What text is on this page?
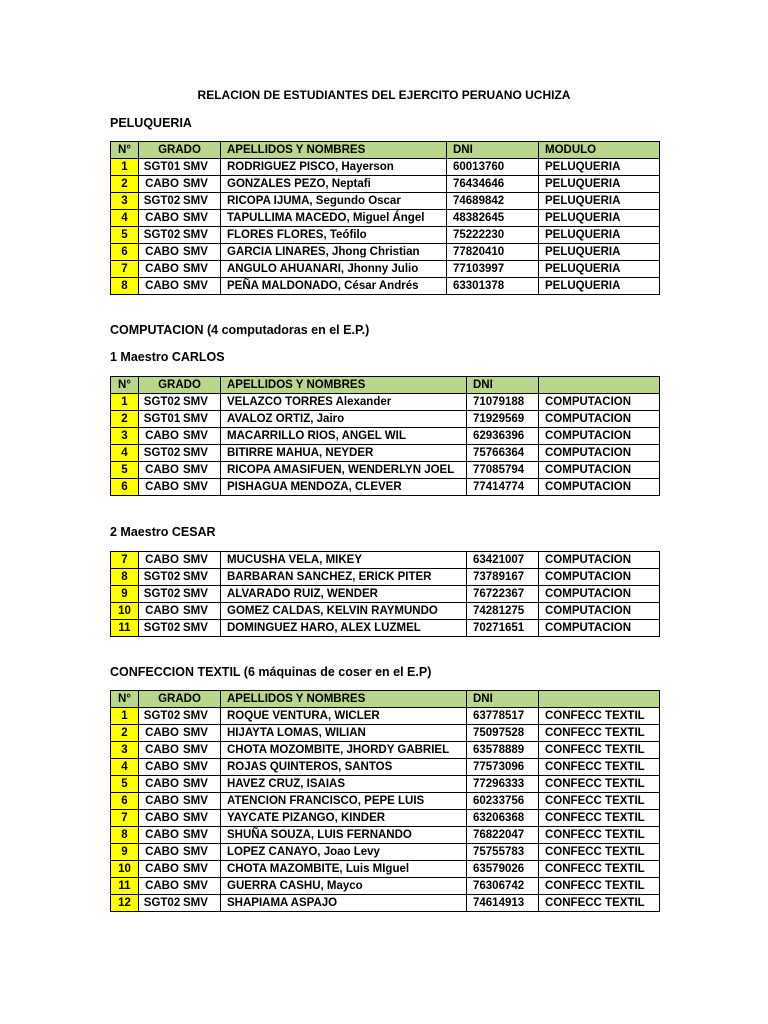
RELACION DE ESTUDIANTES DEL EJERCITO PERUANO UCHIZA
PELUQUERIA
N°	GRADO	APELLIDOS Y NOMBRES	DNI	MODULO
1	SGT01 SMV	RODRIGUEZ PISCO, Hayerson	60013760	PELUQUERIA
2	CABO SMV	GONZALES PEZO, Neptafi	76434646	PELUQUERIA
3	SGT02 SMV	RICOPA IJUMA, Segundo Oscar	74689842	PELUQUERIA
4	CABO SMV	TAPULLIMA MACEDO, Miguel Ángel	48382645	PELUQUERIA
5	SGT02 SMV	FLORES FLORES, Teófilo	75222230	PELUQUERIA
6	CABO SMV	GARCIA LINARES, Jhong Christian	77820410	PELUQUERIA
7	CABO SMV	ANGULO AHUANARI, Jhonny Julio	77103997	PELUQUERIA
8	CABO SMV	PEÑA MALDONADO, César Andrés	63301378	PELUQUERIA
COMPUTACION (4 computadoras en el E.P.)
1 Maestro CARLOS
N°	GRADO	APELLIDOS Y NOMBRES	DNI	
1	SGT02 SMV	VELAZCO TORRES Alexander	71079188	COMPUTACION
2	SGT01 SMV	AVALOZ ORTIZ, Jairo	71929569	COMPUTACION
3	CABO SMV	MACARRILLO RIOS, ANGEL WIL	62936396	COMPUTACION
4	SGT02 SMV	BITIRRE MAHUA, NEYDER	75766364	COMPUTACION
5	CABO SMV	RICOPA AMASIFUEN, WENDERLYN JOEL	77085794	COMPUTACION
6	CABO SMV	PISHAGUA MENDOZA, CLEVER	77414774	COMPUTACION
2 Maestro CESAR
7	CABO SMV	MUCUSHA VELA, MIKEY	63421007	COMPUTACION
8	SGT02 SMV	BARBARAN SANCHEZ, ERICK PITER	73789167	COMPUTACION
9	SGT02 SMV	ALVARADO RUIZ, WENDER	76722367	COMPUTACION
10	CABO SMV	GOMEZ CALDAS, KELVIN RAYMUNDO	74281275	COMPUTACION
11	SGT02 SMV	DOMINGUEZ HARO, ALEX LUZMEL	70271651	COMPUTACION
CONFECCION TEXTIL (6 máquinas de coser en el E.P)
N°	GRADO	APELLIDOS Y NOMBRES	DNI	
1	SGT02 SMV	ROQUE VENTURA, WICLER	63778517	CONFECC TEXTIL
2	CABO SMV	HIJAYTA LOMAS, WILIAN	75097528	CONFECC TEXTIL
3	CABO SMV	CHOTA MOZOMBITE, JHORDY GABRIEL	63578889	CONFECC TEXTIL
4	CABO SMV	ROJAS QUINTEROS, SANTOS	77573096	CONFECC TEXTIL
5	CABO SMV	HAVEZ CRUZ, ISAIAS	77296333	CONFECC TEXTIL
6	CABO SMV	ATENCION FRANCISCO, PEPE LUIS	60233756	CONFECC TEXTIL
7	CABO SMV	YAYCATE PIZANGO, KINDER	63206368	CONFECC TEXTIL
8	CABO SMV	SHUÑA SOUZA, LUIS FERNANDO	76822047	CONFECC TEXTIL
9	CABO SMV	LOPEZ CANAYO, Joao Levy	75755783	CONFECC TEXTIL
10	CABO SMV	CHOTA MAZOMBITE, Luis MIguel	63579026	CONFECC TEXTIL
11	CABO SMV	GUERRA CASHU, Mayco	76306742	CONFECC TEXTIL
12	SGT02 SMV	SHAPIAMA ASPAJO	74614913	CONFECC TEXTIL
